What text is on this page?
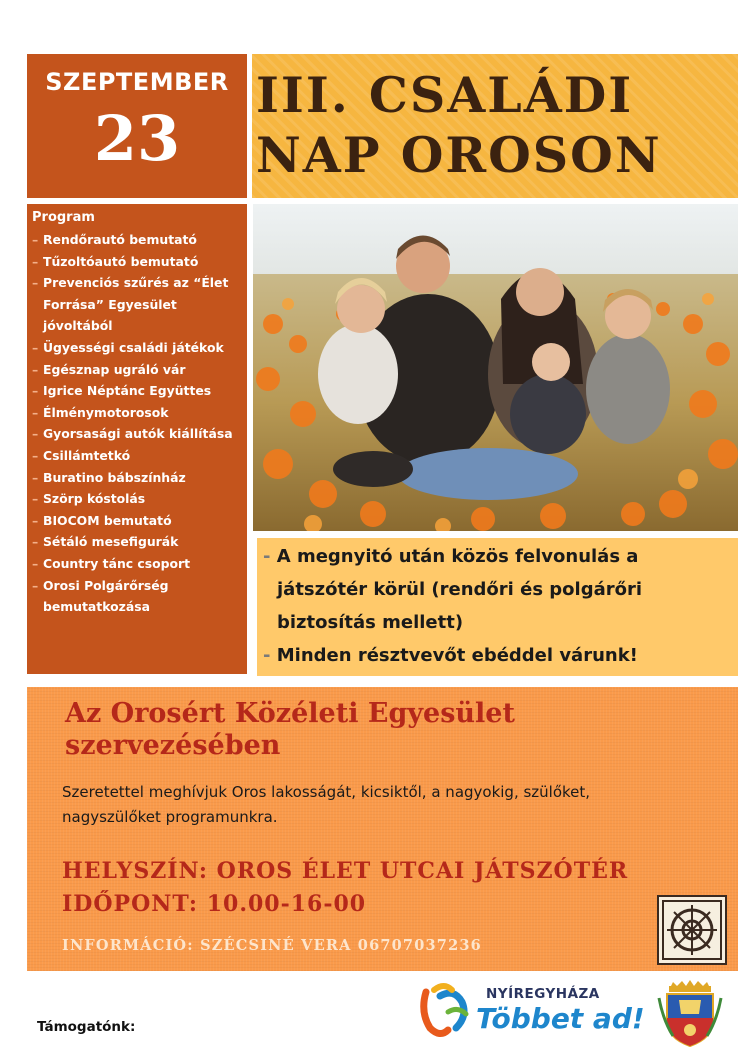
SZEPTEMBER
23
III. CSALÁDI
NAP OROSON
Program
– Rendőrautó bemutató
– Tűzoltóautó bemutató
– Prevenciós szűrés az “Élet Forrása” Egyesület jóvoltából
– Ügyességi családi játékok
– Egésznap ugráló vár
– Igrice Néptánc Együttes
– Élménymotorosok
– Gyorsasági autók kiállítása
– Csillámtetkó
– Buratino bábszínház
– Szörp kóstolás
– BIOCOM bemutató
– Sétáló mesefigurák
– Country tánc csoport
– Orosi Polgárőrség bemutatkozása
- A megnyitó után közös felvonulás a
játszótér körül (rendőri és polgárőri
biztosítás mellett)
- Minden résztvevőt ebéddel várunk!
Az Orosért Közéleti Egyesület
szervezésében
Szeretettel meghívjuk Oros lakosságát, kicsiktől, a nagyokig, szülőket,
nagyszülőket programunkra.
HELYSZÍN: OROS ÉLET UTCAI JÁTSZÓTÉR
IDŐPONT: 10.00-16-00
INFORMÁCIÓ: SZÉCSINÉ VERA 06707037236
Támogatónk:
NYÍREGYHÁZA
Többet ad!
